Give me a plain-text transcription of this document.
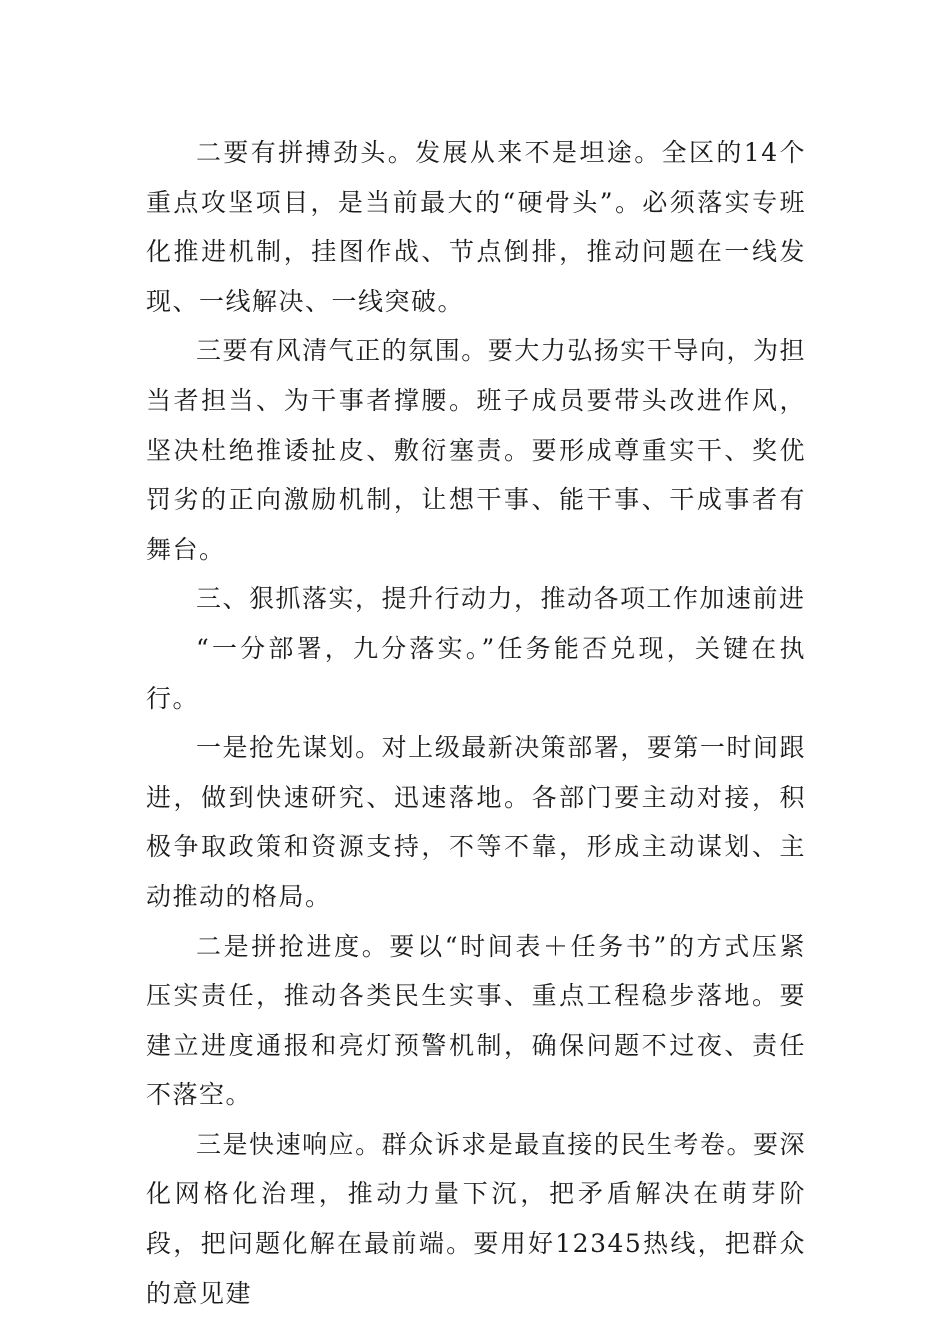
二要有拼搏劲头。发展从来不是坦途。全区的14个重点攻坚项目，是当前最大的“硬骨头”。必须落实专班化推进机制，挂图作战、节点倒排，推动问题在一线发现、一线解决、一线突破。

三要有风清气正的氛围。要大力弘扬实干导向，为担当者担当、为干事者撑腰。班子成员要带头改进作风，坚决杜绝推诿扯皮、敷衍塞责。要形成尊重实干、奖优罚劣的正向激励机制，让想干事、能干事、干成事者有舞台。

三、狠抓落实，提升行动力，推动各项工作加速前进

“一分部署，九分落实。”任务能否兑现，关键在执行。

一是抢先谋划。对上级最新决策部署，要第一时间跟进，做到快速研究、迅速落地。各部门要主动对接，积极争取政策和资源支持，不等不靠，形成主动谋划、主动推动的格局。

二是拼抢进度。要以“时间表＋任务书”的方式压紧压实责任，推动各类民生实事、重点工程稳步落地。要建立进度通报和亮灯预警机制，确保问题不过夜、责任不落空。

三是快速响应。群众诉求是最直接的民生考卷。要深化网格化治理，推动力量下沉，把矛盾解决在萌芽阶段，把问题化解在最前端。要用好12345热线，把群众的意见建
